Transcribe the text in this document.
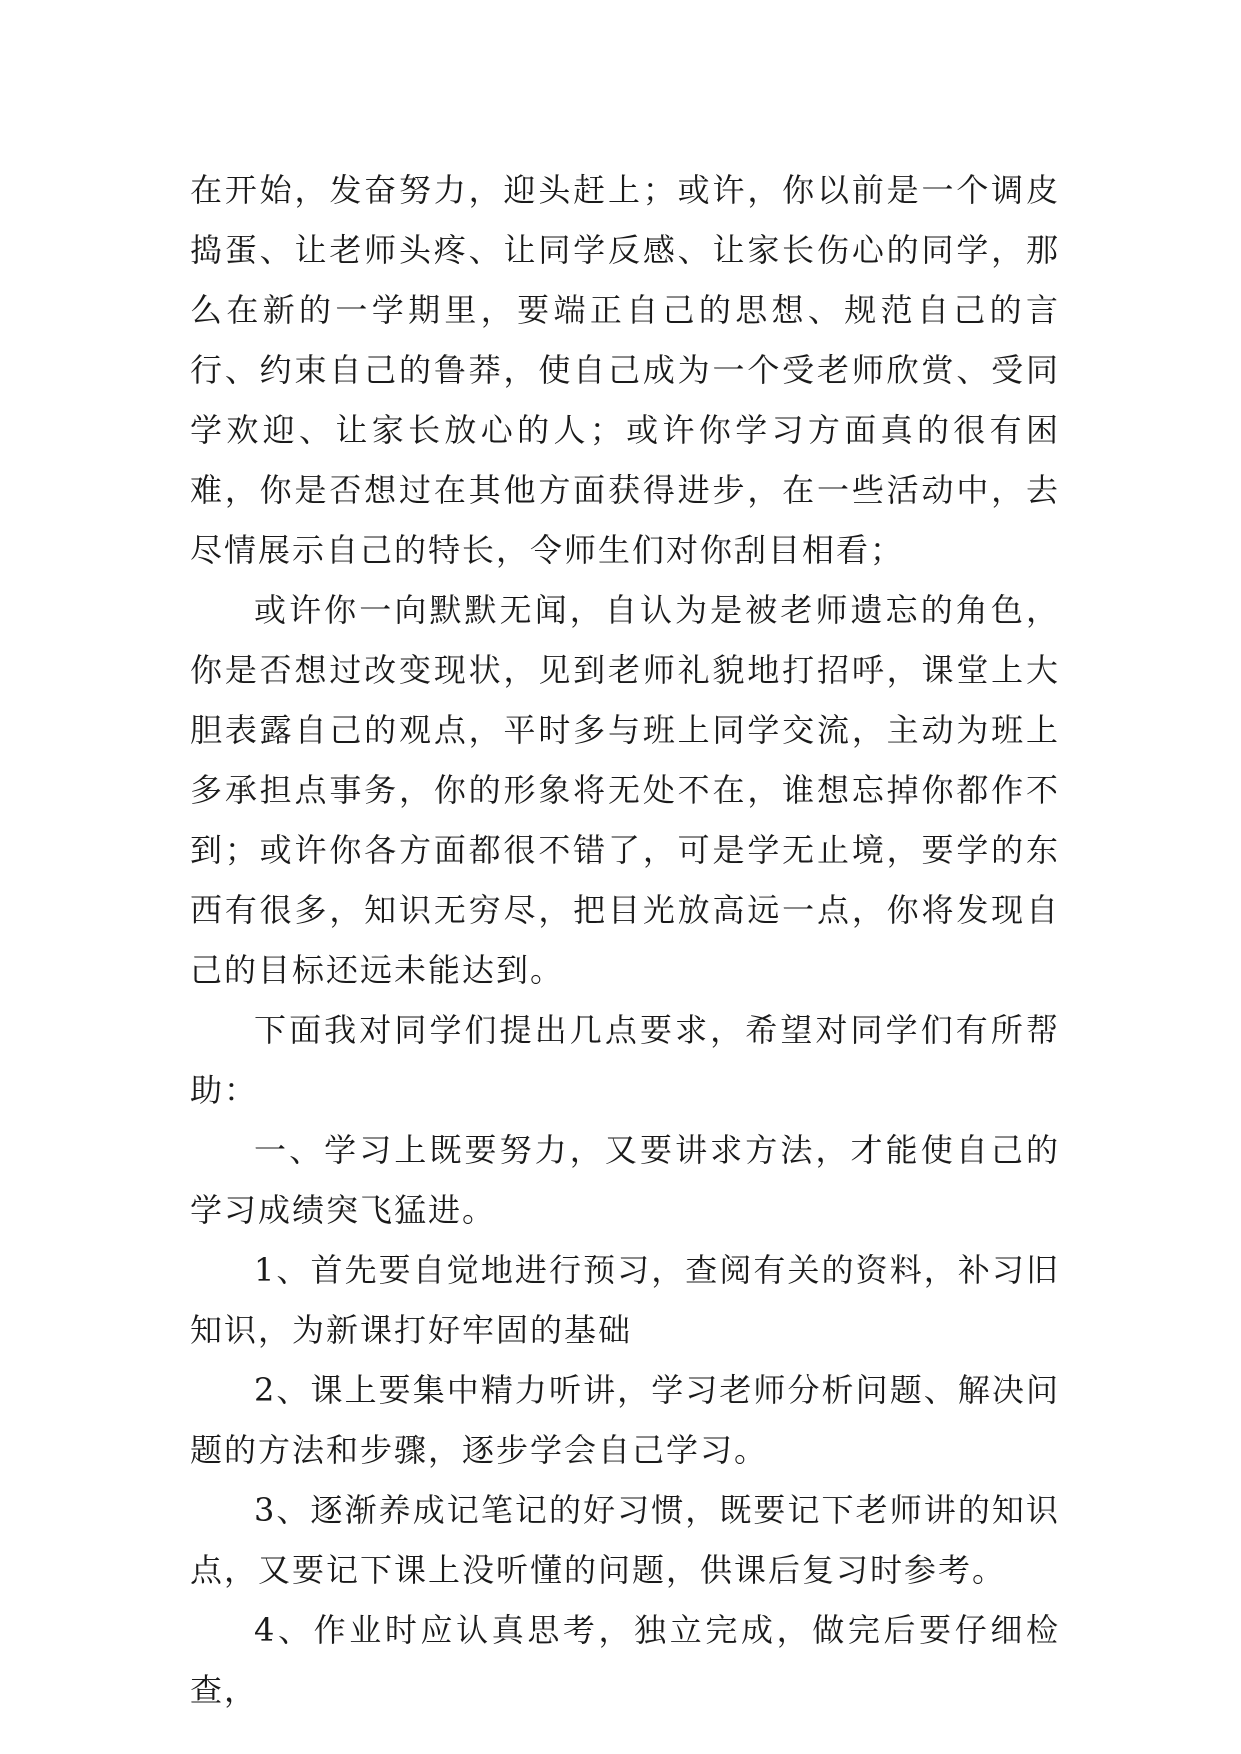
在开始，发奋努力，迎头赶上；或许，你以前是一个调皮捣蛋、让老师头疼、让同学反感、让家长伤心的同学，那么在新的一学期里，要端正自己的思想、规范自己的言行、约束自己的鲁莽，使自己成为一个受老师欣赏、受同学欢迎、让家长放心的人；或许你学习方面真的很有困难，你是否想过在其他方面获得进步，在一些活动中，去尽情展示自己的特长，令师生们对你刮目相看；

或许你一向默默无闻，自认为是被老师遗忘的角色，你是否想过改变现状，见到老师礼貌地打招呼，课堂上大胆表露自己的观点，平时多与班上同学交流，主动为班上多承担点事务，你的形象将无处不在，谁想忘掉你都作不到；或许你各方面都很不错了，可是学无止境，要学的东西有很多，知识无穷尽，把目光放高远一点，你将发现自己的目标还远未能达到。

下面我对同学们提出几点要求，希望对同学们有所帮助：

一、学习上既要努力，又要讲求方法，才能使自己的学习成绩突飞猛进。

1、首先要自觉地进行预习，查阅有关的资料，补习旧知识，为新课打好牢固的基础

2、课上要集中精力听讲，学习老师分析问题、解决问题的方法和步骤，逐步学会自己学习。

3、逐渐养成记笔记的好习惯，既要记下老师讲的知识点，又要记下课上没听懂的问题，供课后复习时参考。

4、作业时应认真思考，独立完成，做完后要仔细检查，
